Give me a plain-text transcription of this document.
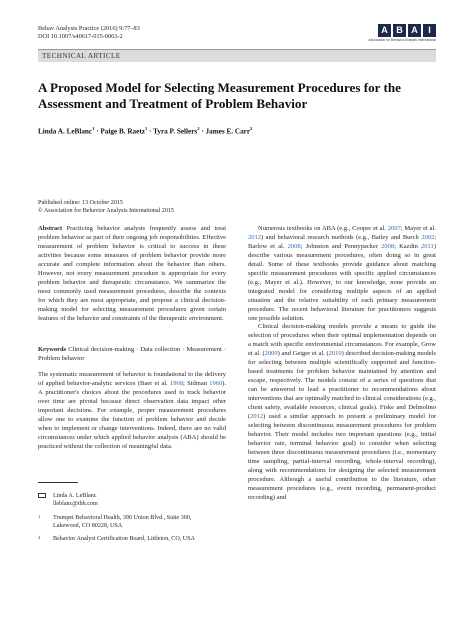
Behav Analysis Practice (2016) 9:77–83
DOI 10.1007/s40617-015-0063-2
A B A	I
Association for Behavior Analysis International
TECHNICAL ARTICLE
A Proposed Model for Selecting Measurement Procedures for the Assessment and Treatment of Problem Behavior
Linda A. LeBlanc$^1$ · Paige B. Raetz$^1$ · Tyra P. Sellers$^2$ · James E. Carr$^2$
Published online: 13 October 2015
© Association for Behavior Analysis International 2015
Abstract Practicing behavior analysts frequently assess and treat problem behavior as part of their ongoing job responsibilities. Effective measurement of problem behavior is critical to success in these activities because some measures of problem behavior provide more accurate and complete information about the behavior than others. However, not every measurement procedure is appropriate for every problem behavior and therapeutic circumstance. We summarize the most commonly used measurement procedures, describe the contexts for which they are most appropriate, and propose a clinical decision-making model for selecting measurement procedures given certain features of the behavior and constraints of the therapeutic environment.
Keywords Clinical decision-making · Data collection · Measurement · Problem behavior
The systematic measurement of behavior is foundational to the delivery of applied behavior-analytic services (Baer et al. 1968; Sidman 1960). A practitioner's choices about the procedures used to track behavior over time are pivotal because direct observation data impact other important decisions. For example, proper measurement procedures allow one to examine the function of problem behavior and decide when to implement or change interventions. Indeed, there are no valid circumstances under which applied behavior analysis (ABA) should be practiced without the collection of meaningful data.

Numerous textbooks on ABA (e.g., Cooper et al. 2007; Mayer et al. 2012) and behavioral research methods (e.g., Bailey and Burch 2002; Barlow et al. 2008; Johnston and Pennypacker 2008; Kazdin 2011) describe various measurement procedures, often doing so in great detail. Some of these textbooks provide guidance about matching specific measurement procedures with specific applied circumstances (e.g., Mayer et al.). However, to our knowledge, none provide an integrated model for considering multiple aspects of an applied situation and the relative suitability of each primary measurement procedure. The recent behavioral literature for practitioners suggests one possible solution.

Clinical decision-making models provide a means to guide the selection of procedures when their optimal implementation depends on a match with specific environmental circumstances. For example, Grow et al. (2009) and Geiger et al. (2010) described decision-making models for selecting between multiple scientifically supported and function-based treatments for problem behavior maintained by attention and escape, respectively. The models consist of a series of questions that can be answered to lead a practitioner to recommendations about interventions that are optimally matched to clinical considerations (e.g., client safety, available resources, clinical goals). Fiske and Delmolino (2012) used a similar approach to present a preliminary model for selecting between discontinuous measurement procedures for problem behavior. Their model includes two important questions (e.g., initial behavior rate, terminal behavior goal) to consider when selecting between three discontinuous measurement procedures (i.e., momentary time sampling, partial-interval recording, whole-interval recording), along with recommendations for designing the selected measurement procedure. Although a useful contribution to the literature, other measurement procedures (e.g., event recording, permanent-product recording) and

Linda A. LeBlanc
lleblanc@tbh.com
1 Trumpet Behavioral Health, 390 Union Blvd., Suite 300,
Lakewood, CO 80228, USA
2 Behavior Analyst Certification Board, Littleton, CO, USA
